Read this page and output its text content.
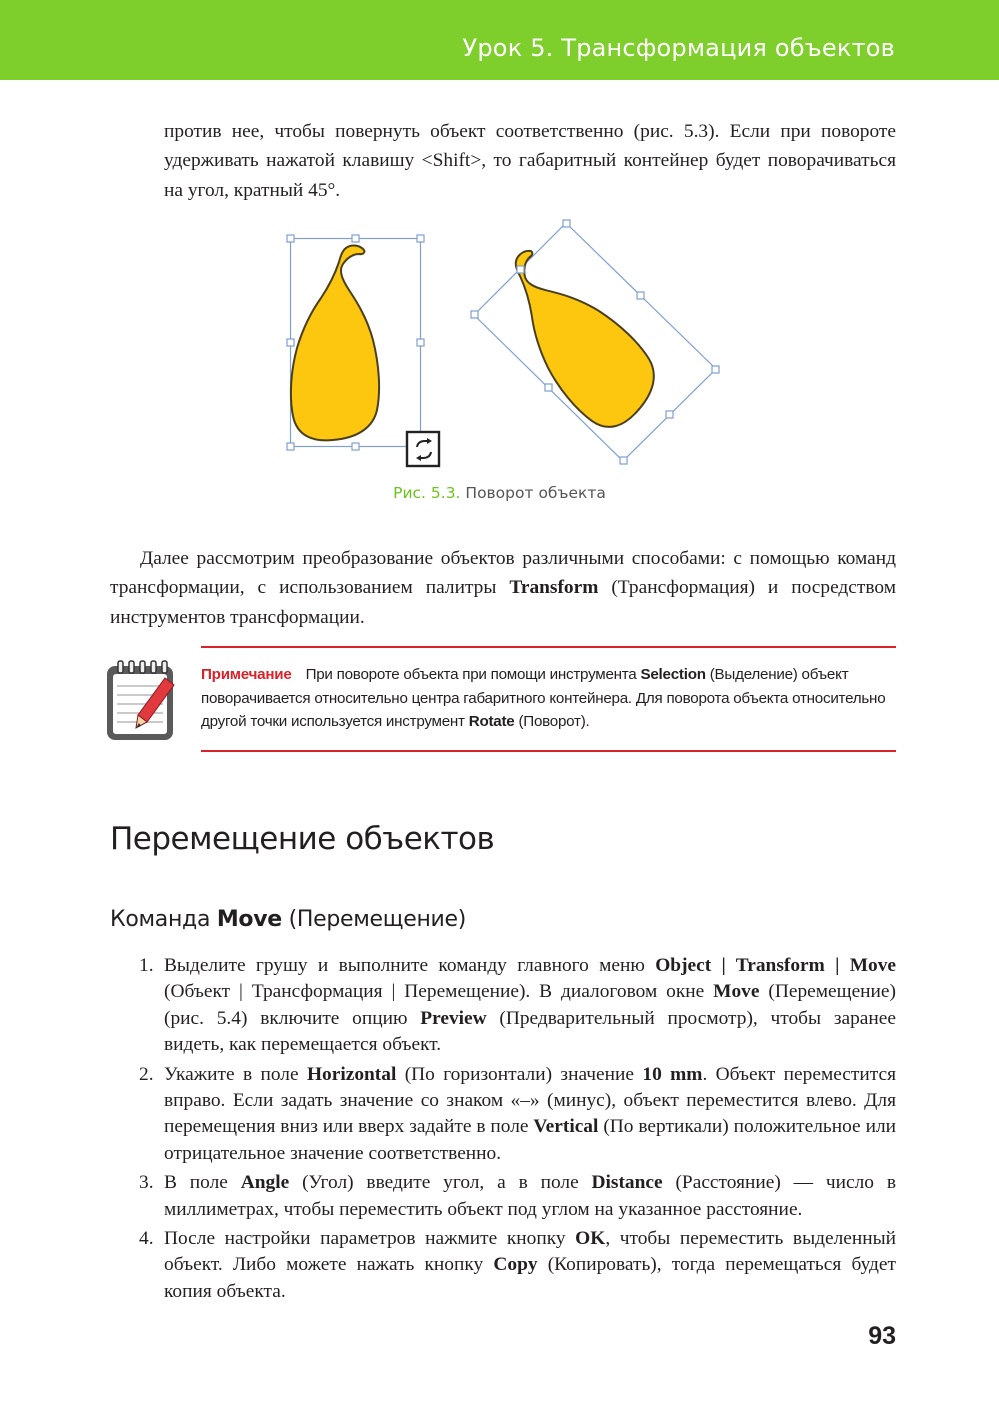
Урок 5. Трансформация объектов

против нее, чтобы повернуть объект соответственно (рис. 5.3). Если при повороте удерживать нажатой клавишу <Shift>, то габаритный контейнер будет поворачиваться на угол, кратный 45°.

Рис. 5.3. Поворот объекта

Далее рассмотрим преобразование объектов различными способами: с помощью команд трансформации, с использованием палитры Transform (Трансформация) и посредством инструментов трансформации.

Примечание При повороте объекта при помощи инструмента Selection (Выделение) объект поворачивается относительно центра габаритного контейнера. Для поворота объекта относительно другой точки используется инструмент Rotate (Поворот).

Перемещение объектов
Команда Move (Перемещение)
1. Выделите грушу и выполните команду главного меню Object | Transform | Move (Объект | Трансформация | Перемещение). В диалоговом окне Move (Перемещение) (рис. 5.4) включите опцию Preview (Предварительный просмотр), чтобы заранее видеть, как перемещается объект.
2. Укажите в поле Horizontal (По горизонтали) значение 10 mm. Объект переместится вправо. Если задать значение со знаком «–» (минус), объект переместится влево. Для перемещения вниз или вверх задайте в поле Vertical (По вертикали) положительное или отрицательное значение соответственно.
3. В поле Angle (Угол) введите угол, а в поле Distance (Расстояние) — число в миллиметрах, чтобы переместить объект под углом на указанное расстояние.
4. После настройки параметров нажмите кнопку OK, чтобы переместить выделенный объект. Либо можете нажать кнопку Copy (Копировать), тогда перемещаться будет копия объекта.
93
